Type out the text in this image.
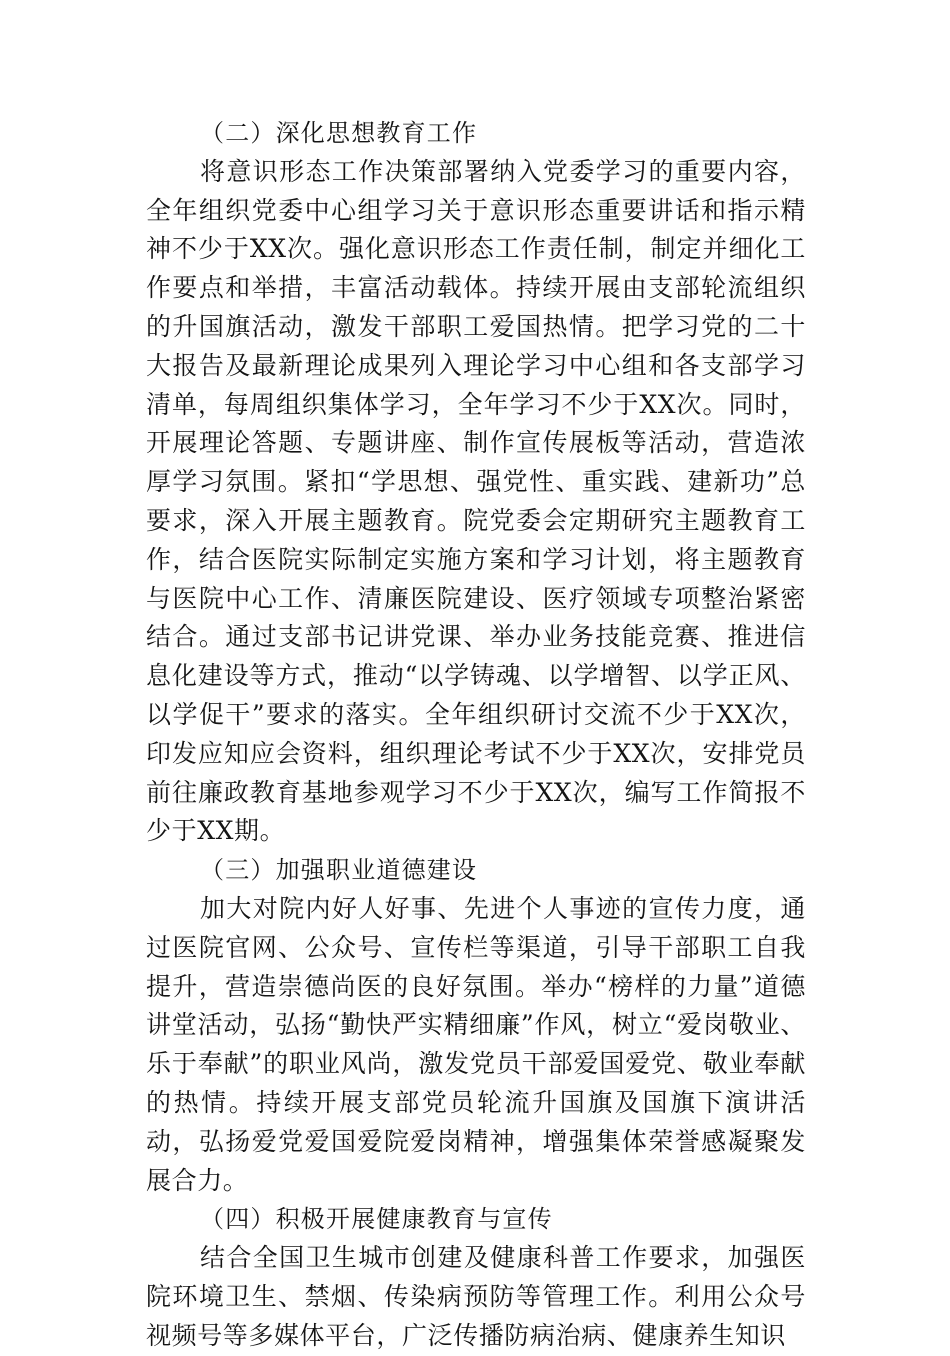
（二）深化思想教育工作

将意识形态工作决策部署纳入党委学习的重要内容，全年组织党委中心组学习关于意识形态重要讲话和指示精神不少于XX次。强化意识形态工作责任制，制定并细化工作要点和举措，丰富活动载体。持续开展由支部轮流组织的升国旗活动，激发干部职工爱国热情。把学习党的二十大报告及最新理论成果列入理论学习中心组和各支部学习清单，每周组织集体学习，全年学习不少于XX次。同时，开展理论答题、专题讲座、制作宣传展板等活动，营造浓厚学习氛围。紧扣“学思想、强党性、重实践、建新功”总要求，深入开展主题教育。院党委会定期研究主题教育工作，结合医院实际制定实施方案和学习计划，将主题教育与医院中心工作、清廉医院建设、医疗领域专项整治紧密结合。通过支部书记讲党课、举办业务技能竞赛、推进信息化建设等方式，推动“以学铸魂、以学增智、以学正风、以学促干”要求的落实。全年组织研讨交流不少于XX次，印发应知应会资料，组织理论考试不少于XX次，安排党员前往廉政教育基地参观学习不少于XX次，编写工作简报不少于XX期。

（三）加强职业道德建设

加大对院内好人好事、先进个人事迹的宣传力度，通过医院官网、公众号、宣传栏等渠道，引导干部职工自我提升，营造崇德尚医的良好氛围。举办“榜样的力量”道德讲堂活动，弘扬“勤快严实精细廉”作风，树立“爱岗敬业、乐于奉献”的职业风尚，激发党员干部爱国爱党、敬业奉献的热情。持续开展支部党员轮流升国旗及国旗下演讲活动，弘扬爱党爱国爱院爱岗精神，增强集体荣誉感凝聚发展合力。

（四）积极开展健康教育与宣传

结合全国卫生城市创建及健康科普工作要求，加强医院环境卫生、禁烟、传染病预防等管理工作。利用公众号视频号等多媒体平台，广泛传播防病治病、健康养生知识
